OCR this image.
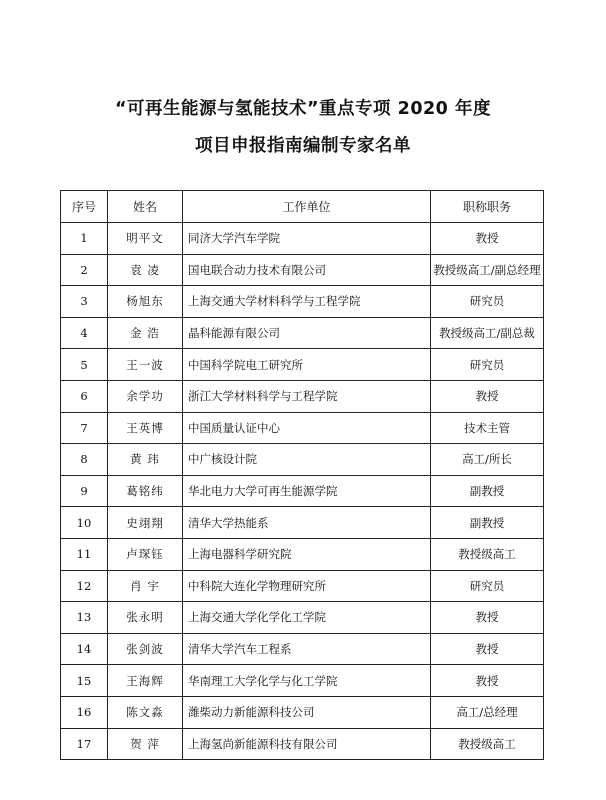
“可再生能源与氢能技术”重点专项 2020 年度
项目申报指南编制专家名单
序号	姓名	工作单位	职称职务
1	明平文	同济大学汽车学院	教授
2	袁 凌	国电联合动力技术有限公司	教授级高工/副总经理
3	杨旭东	上海交通大学材料科学与工程学院	研究员
4	金 浩	晶科能源有限公司	教授级高工/副总裁
5	王一波	中国科学院电工研究所	研究员
6	余学功	浙江大学材料科学与工程学院	教授
7	王英博	中国质量认证中心	技术主管
8	黄 玮	中广核设计院	高工/所长
9	葛铭纬	华北电力大学可再生能源学院	副教授
10	史翊翔	清华大学热能系	副教授
11	卢琛钰	上海电器科学研究院	教授级高工
12	肖 宇	中科院大连化学物理研究所	研究员
13	张永明	上海交通大学化学化工学院	教授
14	张剑波	清华大学汽车工程系	教授
15	王海辉	华南理工大学化学与化工学院	教授
16	陈文淼	潍柴动力新能源科技公司	高工/总经理
17	贺 萍	上海氢尚新能源科技有限公司	教授级高工
